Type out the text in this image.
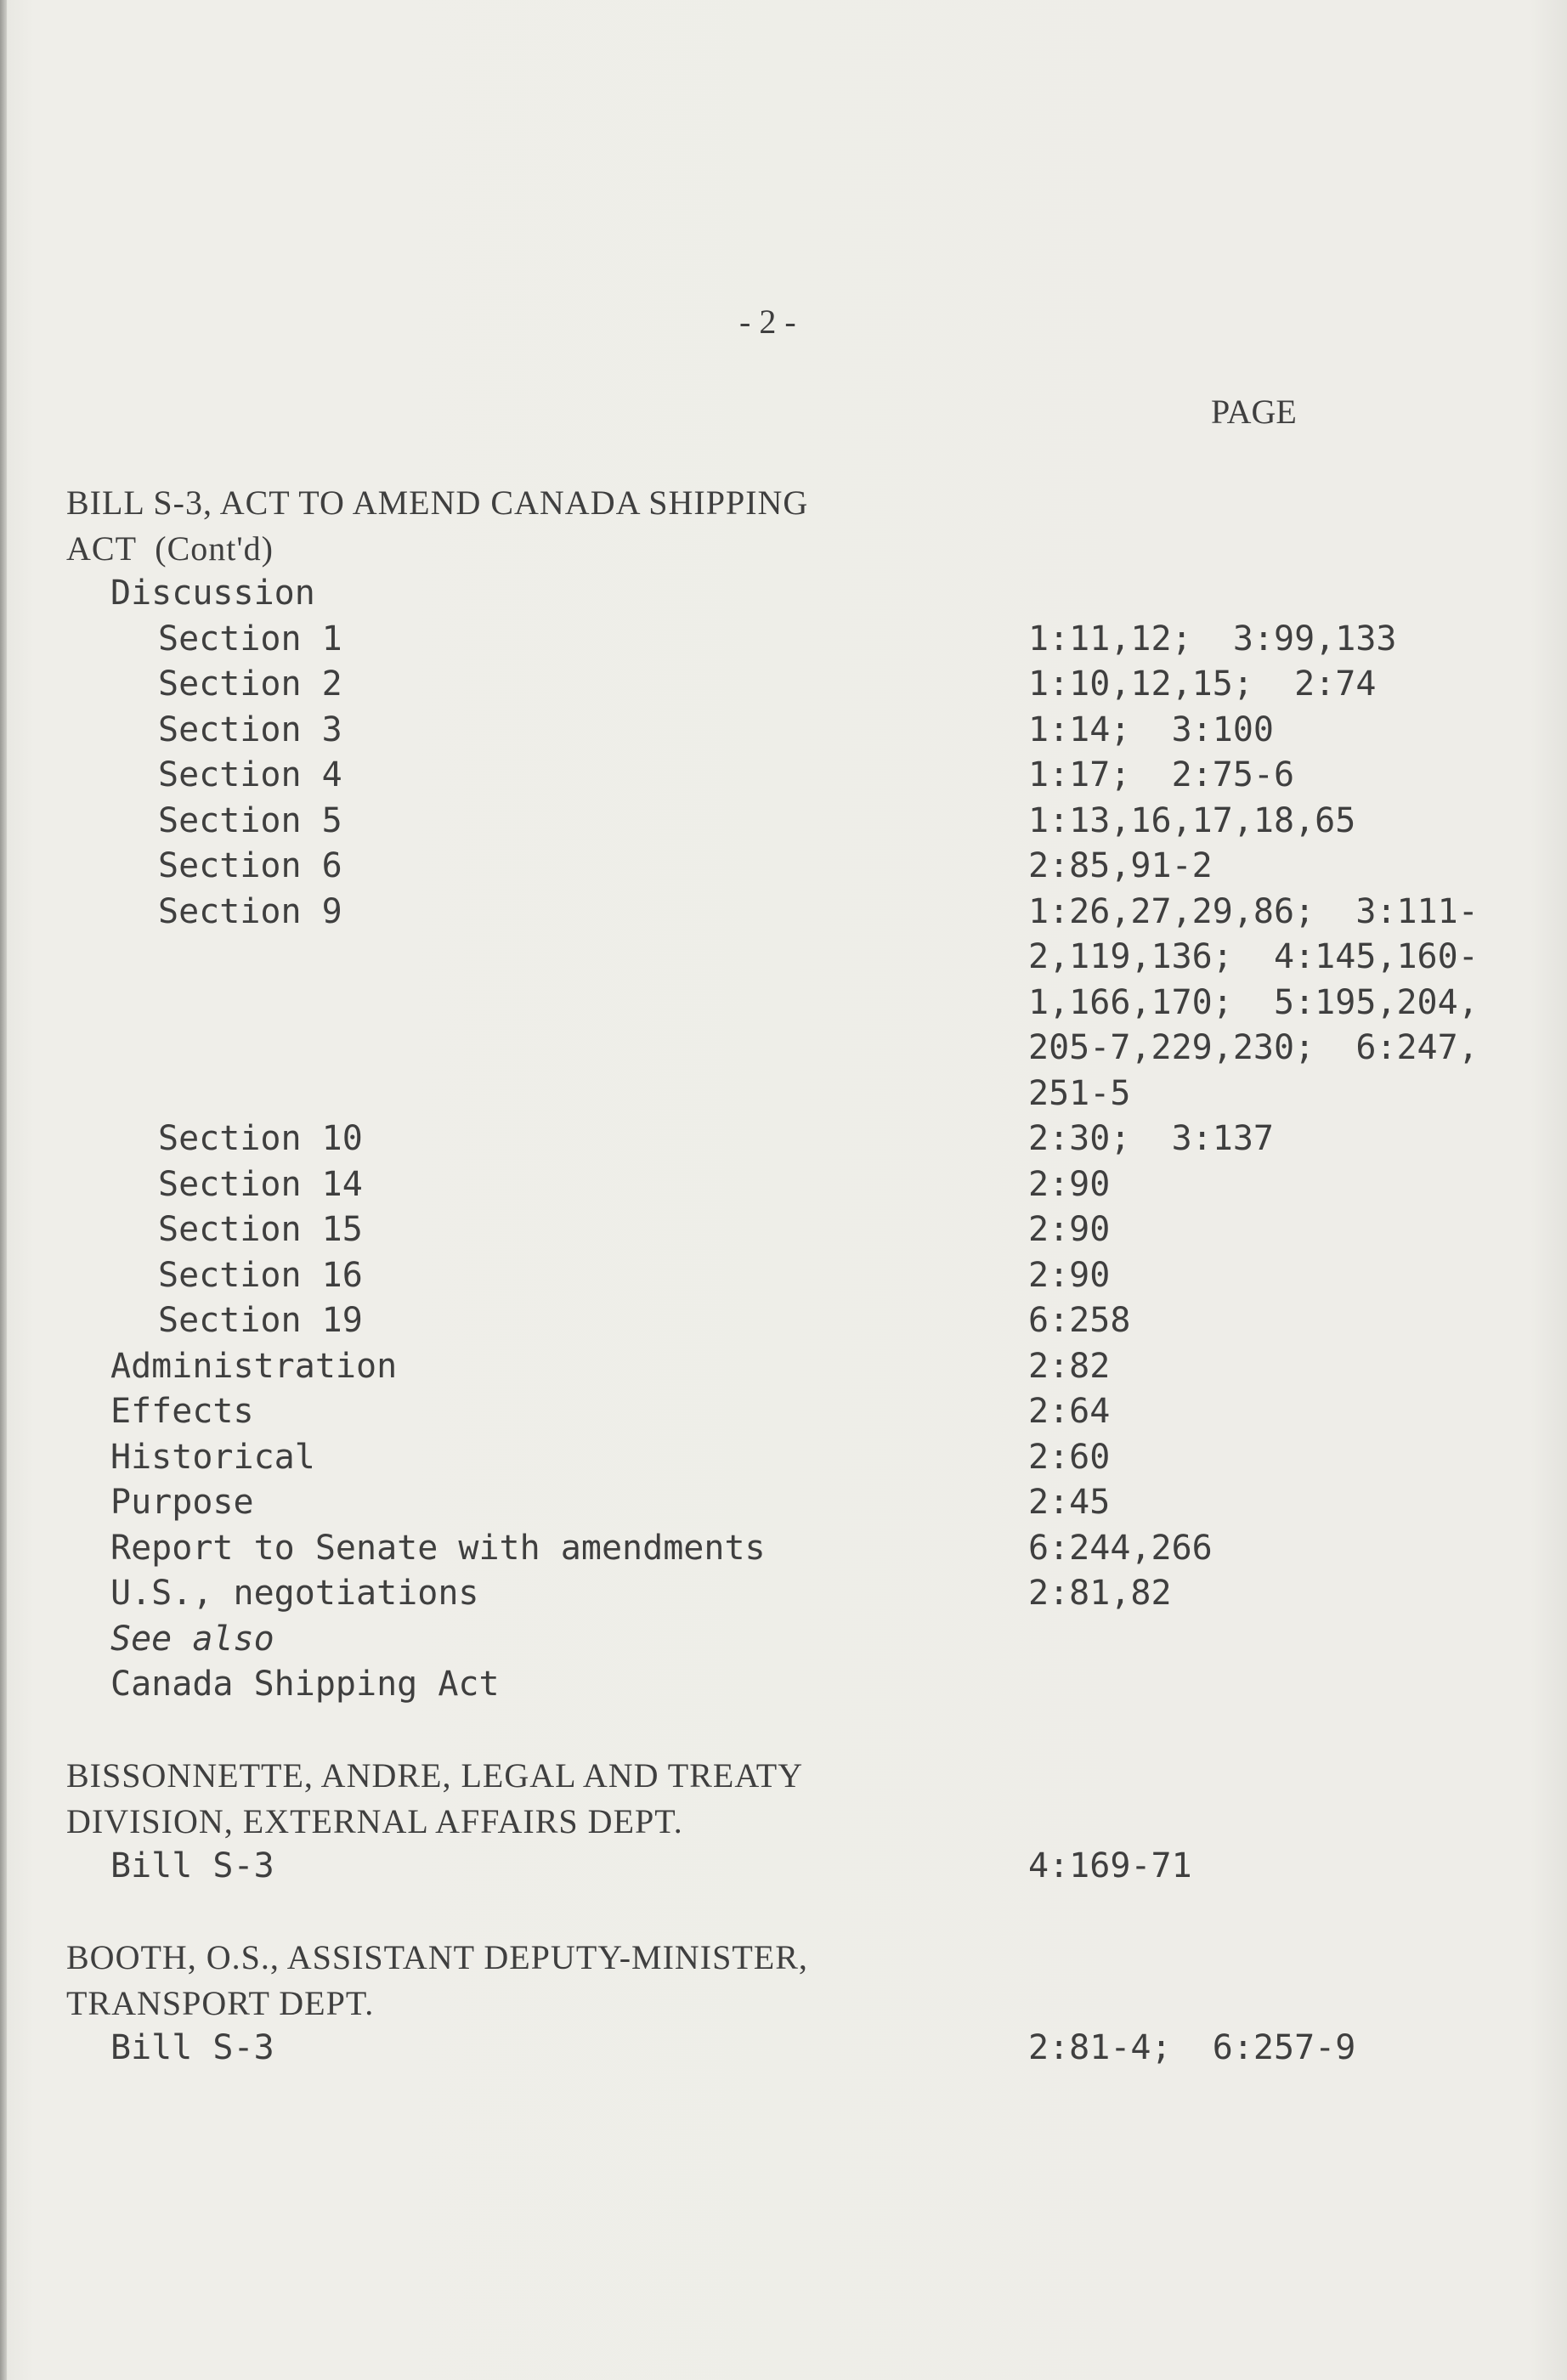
- 2 -
PAGE
BILL S-3, ACT TO AMEND CANADA SHIPPING
ACT  (Cont'd)
Discussion
Section 1	1:11,12;  3:99,133
Section 2	1:10,12,15;  2:74
Section 3	1:14;  3:100
Section 4	1:17;  2:75-6
Section 5	1:13,16,17,18,65
Section 6	2:85,91-2
Section 9	1:26,27,29,86;  3:111-
2,119,136;  4:145,160-
1,166,170;  5:195,204,
205-7,229,230;  6:247,
251-5
Section 10	2:30;  3:137
Section 14	2:90
Section 15	2:90
Section 16	2:90
Section 19	6:258
Administration	2:82
Effects	2:64
Historical	2:60
Purpose	2:45
Report to Senate with amendments	6:244,266
U.S., negotiations	2:81,82
See also
Canada Shipping Act
BISSONNETTE, ANDRE, LEGAL AND TREATY
DIVISION, EXTERNAL AFFAIRS DEPT.
Bill S-3	4:169-71
BOOTH, O.S., ASSISTANT DEPUTY-MINISTER,
TRANSPORT DEPT.
Bill S-3	2:81-4;  6:257-9
